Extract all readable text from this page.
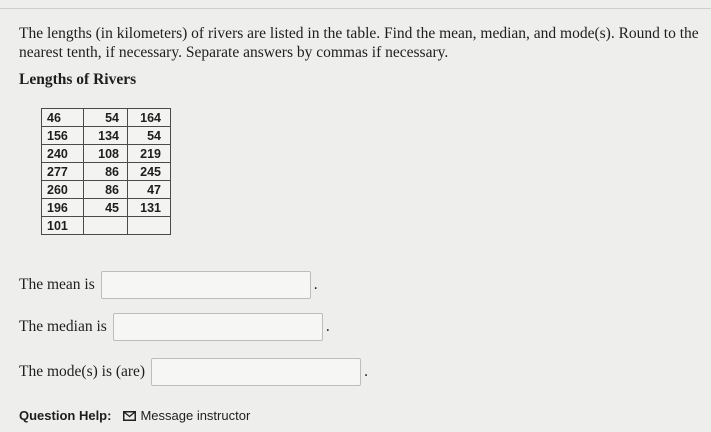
The lengths (in kilometers) of rivers are listed in the table. Find the mean, median, and mode(s). Round to the nearest tenth, if necessary. Separate answers by commas if necessary.
Lengths of Rivers
46	54	164
156	134	54
240	108	219
277	86	245
260	86	47
196	45	131
101		
The mean is	.
The median is	.
The mode(s) is (are)	.
Question Help: Message instructor
